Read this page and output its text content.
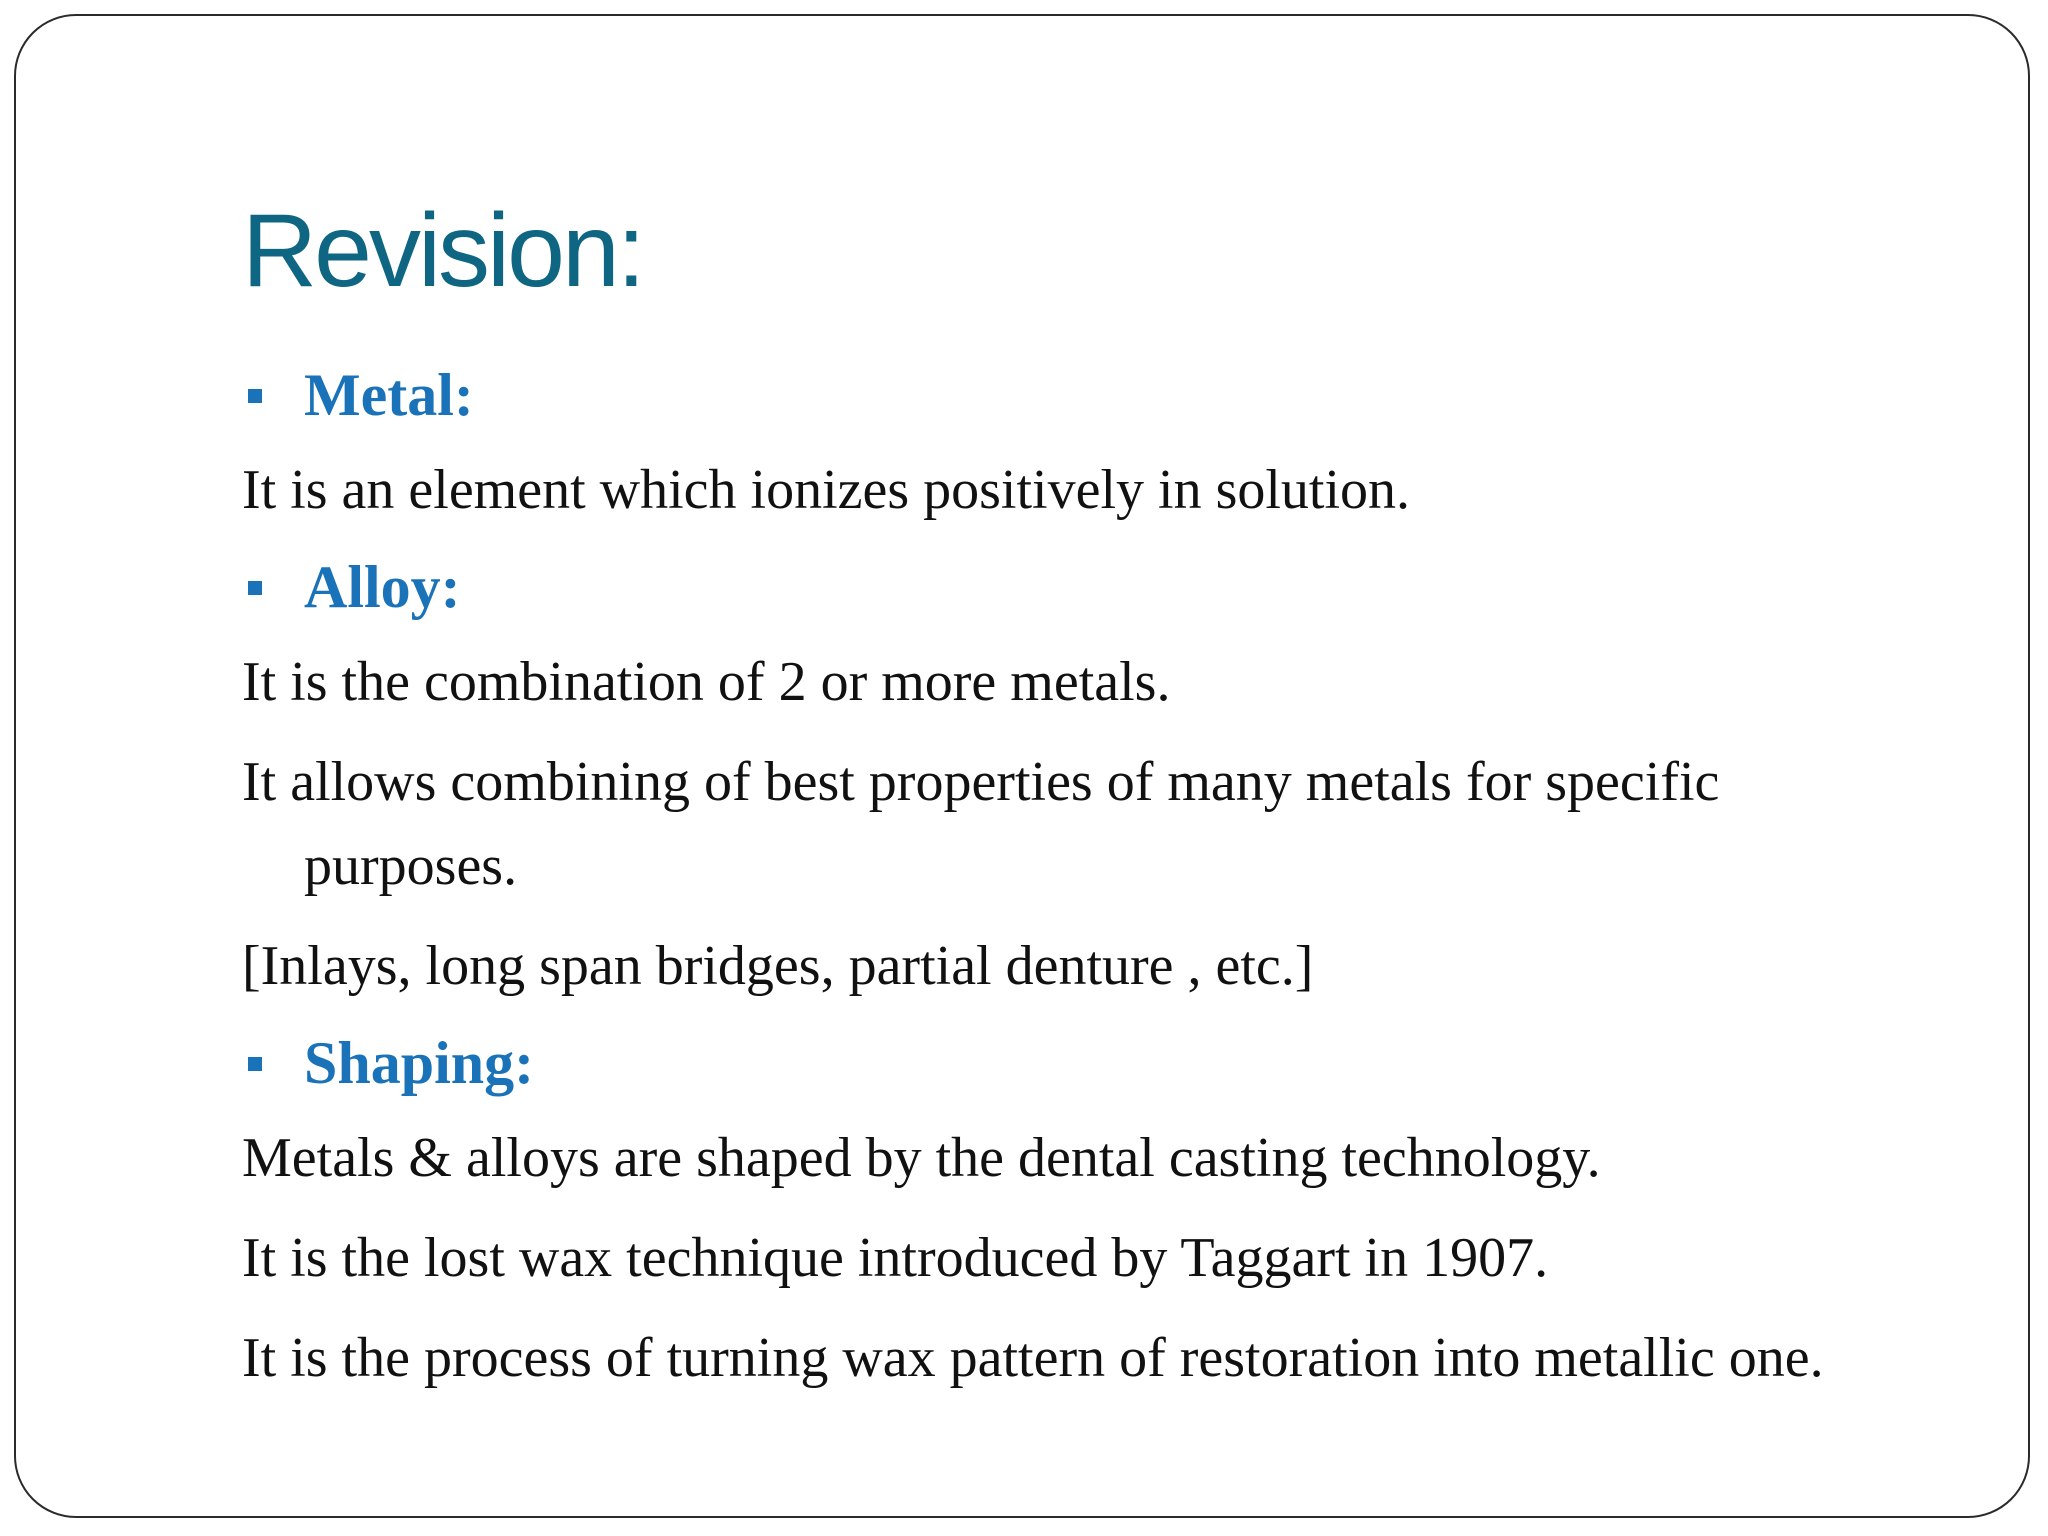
Revision:
Metal:

It is an element which ionizes positively in solution.

Alloy:

It is the combination of 2 or more metals.

It allows combining of best properties of many metals for specific purposes.

[Inlays, long span bridges, partial denture , etc.]

Shaping:

Metals & alloys are shaped by the dental casting technology.

It is the lost wax technique introduced by Taggart in 1907.

It is the process of turning wax pattern of restoration into metallic one.
